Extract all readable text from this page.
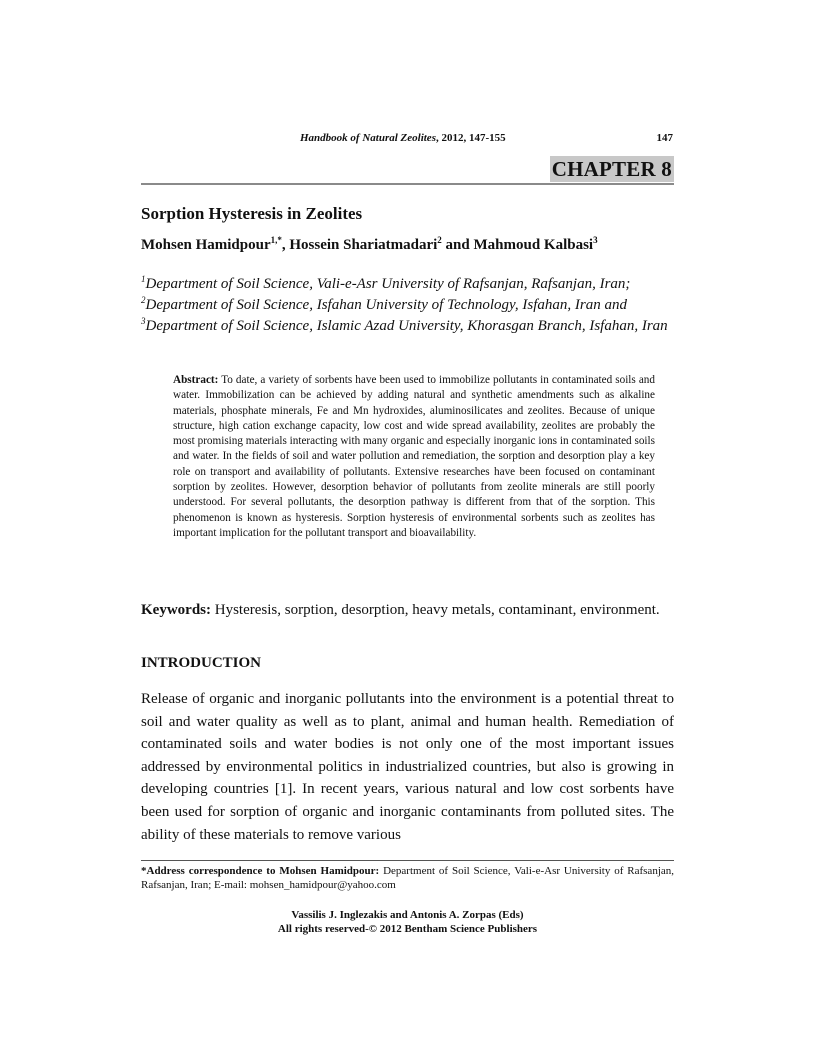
Handbook of Natural Zeolites, 2012, 147-155	147
CHAPTER 8
Sorption Hysteresis in Zeolites
Mohsen Hamidpour$^{1,*}$, Hossein Shariatmadari$^2$ and Mahmoud Kalbasi$^3$
$^1$Department of Soil Science, Vali-e-Asr University of Rafsanjan, Rafsanjan, Iran;
$^2$Department of Soil Science, Isfahan University of Technology, Isfahan, Iran and
$^3$Department of Soil Science, Islamic Azad University, Khorasgan Branch, Isfahan, Iran
Abstract: To date, a variety of sorbents have been used to immobilize pollutants in contaminated soils and water. Immobilization can be achieved by adding natural and synthetic amendments such as alkaline materials, phosphate minerals, Fe and Mn hydroxides, aluminosilicates and zeolites. Because of unique structure, high cation exchange capacity, low cost and wide spread availability, zeolites are probably the most promising materials interacting with many organic and especially inorganic ions in contaminated soils and water. In the fields of soil and water pollution and remediation, the sorption and desorption play a key role on transport and availability of pollutants. Extensive researches have been focused on contaminant sorption by zeolites. However, desorption behavior of pollutants from zeolite minerals are still poorly understood. For several pollutants, the desorption pathway is different from that of the sorption. This phenomenon is known as hysteresis. Sorption hysteresis of environmental sorbents such as zeolites has important implication for the pollutant transport and bioavailability.
Keywords: Hysteresis, sorption, desorption, heavy metals, contaminant, environment.
INTRODUCTION
Release of organic and inorganic pollutants into the environment is a potential threat to soil and water quality as well as to plant, animal and human health. Remediation of contaminated soils and water bodies is not only one of the most important issues addressed by environmental politics in industrialized countries, but also is growing in developing countries [1]. In recent years, various natural and low cost sorbents have been used for sorption of organic and inorganic contaminants from polluted sites. The ability of these materials to remove various
*Address correspondence to Mohsen Hamidpour: Department of Soil Science, Vali-e-Asr University of Rafsanjan, Rafsanjan, Iran; E-mail: mohsen_hamidpour@yahoo.com
Vassilis J. Inglezakis and Antonis A. Zorpas (Eds)
All rights reserved-© 2012 Bentham Science Publishers
